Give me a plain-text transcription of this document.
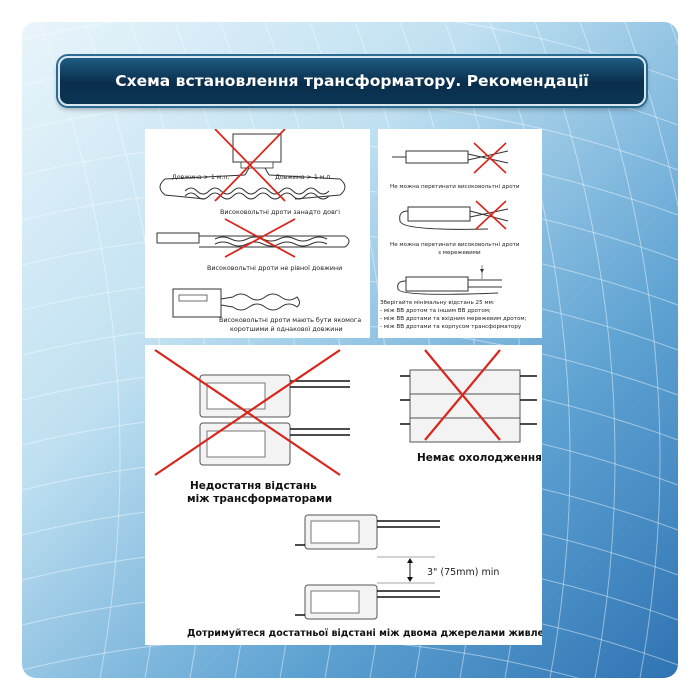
Схема встановлення трансформатору. Рекомендації
Довжина > 1 м.п.	Довжина > 1 м.п.
Високовольтні дроти занадто довгі
Високовольтні дроти не рівної довжини
Високовольтні дроти мають бути якомога
коротшими й однакової довжини
Не можна перетинати високовольтні дроти
Не можна перетинати високовольтні дроти
з мережевими
Зберігайте мінімальну відстань 25 мм:
- між ВВ дротом та іншим ВВ дротом;
- між ВВ дротами та вхідним мережевим дротом;
- між ВВ дротами та корпусом трансформатору
Недостатня відстань
між трансформаторами
Немає охолодження
3" (75mm) min
Дотримуйтеся достатньої відстані між двома джерелами живлення
